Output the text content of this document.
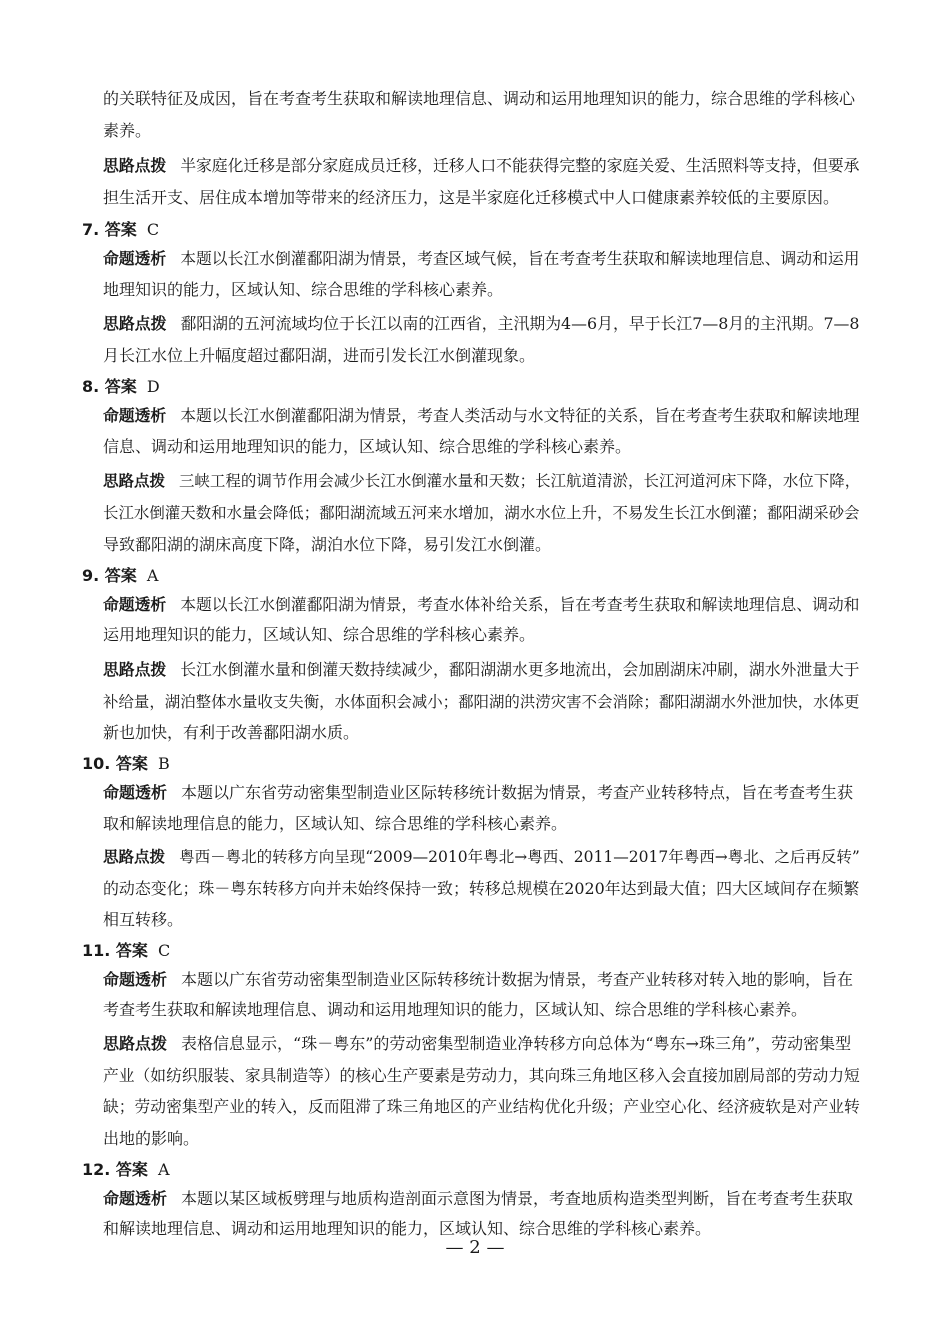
的关联特征及成因，旨在考查考生获取和解读地理信息、调动和运用地理知识的能力，综合思维的学科核心
素养。
思路点拨 半家庭化迁移是部分家庭成员迁移，迁移人口不能获得完整的家庭关爱、生活照料等支持，但要承
担生活开支、居住成本增加等带来的经济压力，这是半家庭化迁移模式中人口健康素养较低的主要原因。
7. 答案 C
命题透析 本题以长江水倒灌鄱阳湖为情景，考查区域气候，旨在考查考生获取和解读地理信息、调动和运用
地理知识的能力，区域认知、综合思维的学科核心素养。
思路点拨 鄱阳湖的五河流域均位于长江以南的江西省，主汛期为4—6月，早于长江7—8月的主汛期。7—8
月长江水位上升幅度超过鄱阳湖，进而引发长江水倒灌现象。
8. 答案 D
命题透析 本题以长江水倒灌鄱阳湖为情景，考查人类活动与水文特征的关系，旨在考查考生获取和解读地理
信息、调动和运用地理知识的能力，区域认知、综合思维的学科核心素养。
思路点拨 三峡工程的调节作用会减少长江水倒灌水量和天数；长江航道清淤，长江河道河床下降，水位下降，
长江水倒灌天数和水量会降低；鄱阳湖流域五河来水增加，湖水水位上升，不易发生长江水倒灌；鄱阳湖采砂会
导致鄱阳湖的湖床高度下降，湖泊水位下降，易引发江水倒灌。
9. 答案 A
命题透析 本题以长江水倒灌鄱阳湖为情景，考查水体补给关系，旨在考查考生获取和解读地理信息、调动和
运用地理知识的能力，区域认知、综合思维的学科核心素养。
思路点拨 长江水倒灌水量和倒灌天数持续减少，鄱阳湖湖水更多地流出，会加剧湖床冲刷，湖水外泄量大于
补给量，湖泊整体水量收支失衡，水体面积会减小；鄱阳湖的洪涝灾害不会消除；鄱阳湖湖水外泄加快，水体更
新也加快，有利于改善鄱阳湖水质。
10. 答案 B
命题透析 本题以广东省劳动密集型制造业区际转移统计数据为情景，考查产业转移特点，旨在考查考生获
取和解读地理信息的能力，区域认知、综合思维的学科核心素养。
思路点拨 粤西－粤北的转移方向呈现“2009—2010年粤北→粤西、2011—2017年粤西→粤北、之后再反转”
的动态变化；珠－粤东转移方向并未始终保持一致；转移总规模在2020年达到最大值；四大区域间存在频繁
相互转移。
11. 答案 C
命题透析 本题以广东省劳动密集型制造业区际转移统计数据为情景，考查产业转移对转入地的影响，旨在
考查考生获取和解读地理信息、调动和运用地理知识的能力，区域认知、综合思维的学科核心素养。
思路点拨 表格信息显示，“珠－粤东”的劳动密集型制造业净转移方向总体为“粤东→珠三角”，劳动密集型
产业（如纺织服装、家具制造等）的核心生产要素是劳动力，其向珠三角地区移入会直接加剧局部的劳动力短
缺；劳动密集型产业的转入，反而阻滞了珠三角地区的产业结构优化升级；产业空心化、经济疲软是对产业转
出地的影响。
12. 答案 A
命题透析 本题以某区域板劈理与地质构造剖面示意图为情景，考查地质构造类型判断，旨在考查考生获取
和解读地理信息、调动和运用地理知识的能力，区域认知、综合思维的学科核心素养。
— 2 —
